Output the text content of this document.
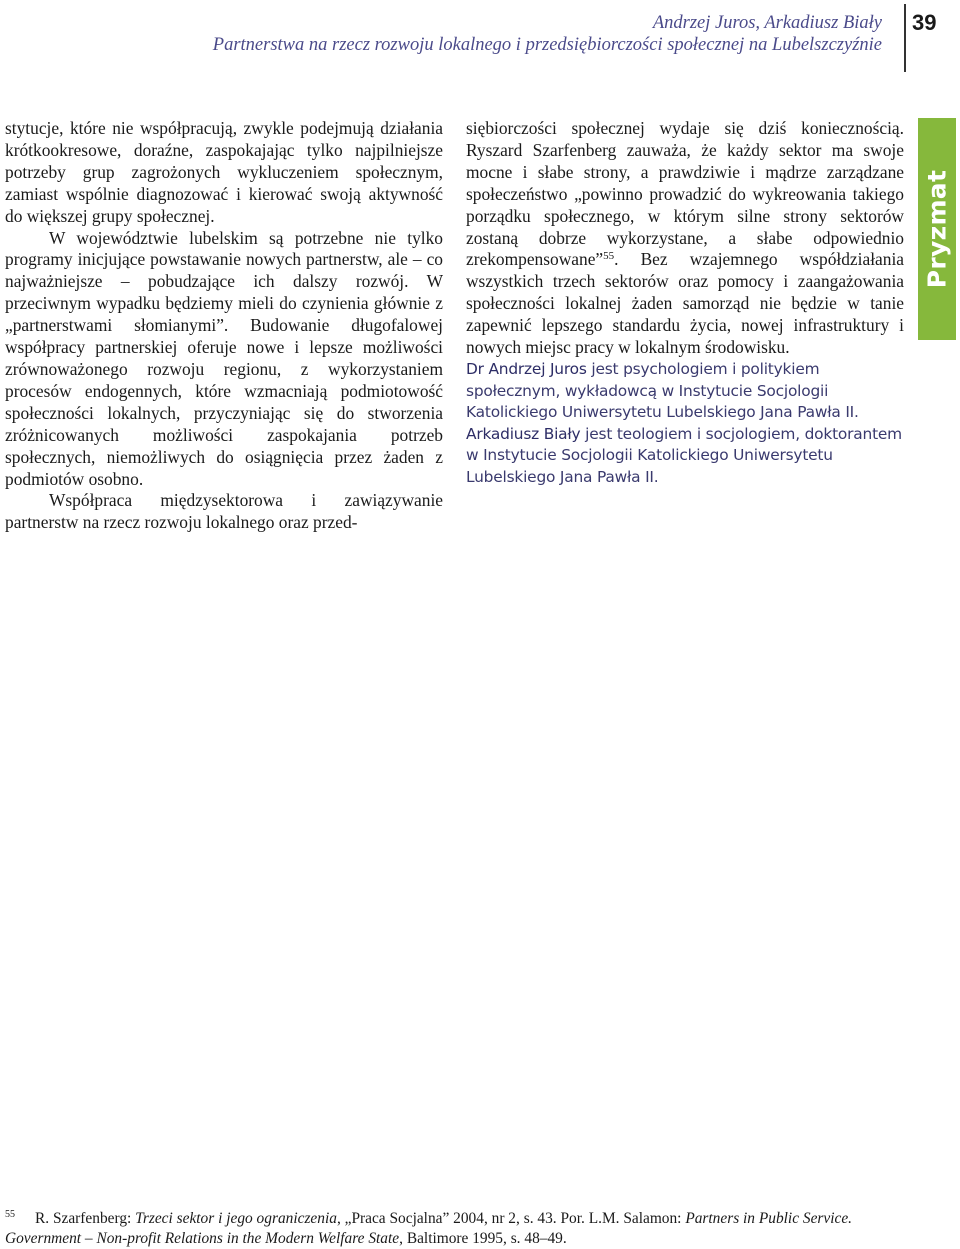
Andrzej Juros, Arkadiusz Biały
Partnerstwa na rzecz rozwoju lokalnego i przedsiębiorczości społecznej na Lubelszczyźnie
39
Pryzmat

stytucje, które nie współpracują, zwykle podejmują działania krótkookresowe, doraźne, zaspokajając tylko najpilniejsze potrzeby grup zagrożonych wykluczeniem społecznym, zamiast wspólnie diagnozować i kierować swoją aktywność do większej grupy społecznej.

W województwie lubelskim są potrzebne nie tylko programy inicjujące powstawanie nowych partnerstw, ale – co najważniejsze – pobudzające ich dalszy rozwój. W przeciwnym wypadku będziemy mieli do czynienia głównie z „partnerstwami słomianymi”. Budowanie długofalowej współpracy partnerskiej oferuje nowe i lepsze możliwości zrównoważonego rozwoju regionu, z wykorzystaniem procesów endogennych, które wzmacniają podmiotowość społeczności lokalnych, przyczyniając się do stworzenia zróżnicowanych możliwości zaspokajania potrzeb społecznych, niemożliwych do osiągnięcia przez żaden z podmiotów osobno.

Współpraca międzysektorowa i zawiązywanie partnerstw na rzecz rozwoju lokalnego oraz przed-

siębiorczości społecznej wydaje się dziś koniecznością. Ryszard Szarfenberg zauważa, że każdy sektor ma swoje mocne i słabe strony, a prawdziwie i mądrze zarządzane społeczeństwo „powinno prowadzić do wykreowania takiego porządku społecznego, w którym silne strony sektorów zostaną dobrze wykorzystane, a słabe odpowiednio zrekompensowane”$^{55}$. Bez wzajemnego współdziałania wszystkich trzech sektorów oraz pomocy i zaangażowania społeczności lokalnej żaden samorząd nie będzie w tanie zapewnić lepszego standardu życia, nowej infrastruktury i nowych miejsc pracy w lokalnym środowisku.

Dr Andrzej Juros jest psychologiem i politykiem społecznym, wykładowcą w Instytucie Socjologii Katolickiego Uniwersytetu Lubelskiego Jana Pawła II.

Arkadiusz Biały jest teologiem i socjologiem, doktorantem w Instytucie Socjologii Katolickiego Uniwersytetu Lubelskiego Jana Pawła II.

$^{55}$ R. Szarfenberg: Trzeci sektor i jego ograniczenia, „Praca Socjalna” 2004, nr 2, s. 43. Por. L.M. Salamon: Partners in Public Service. Government – Non-profit Relations in the Modern Welfare State, Baltimore 1995, s. 48–49.
